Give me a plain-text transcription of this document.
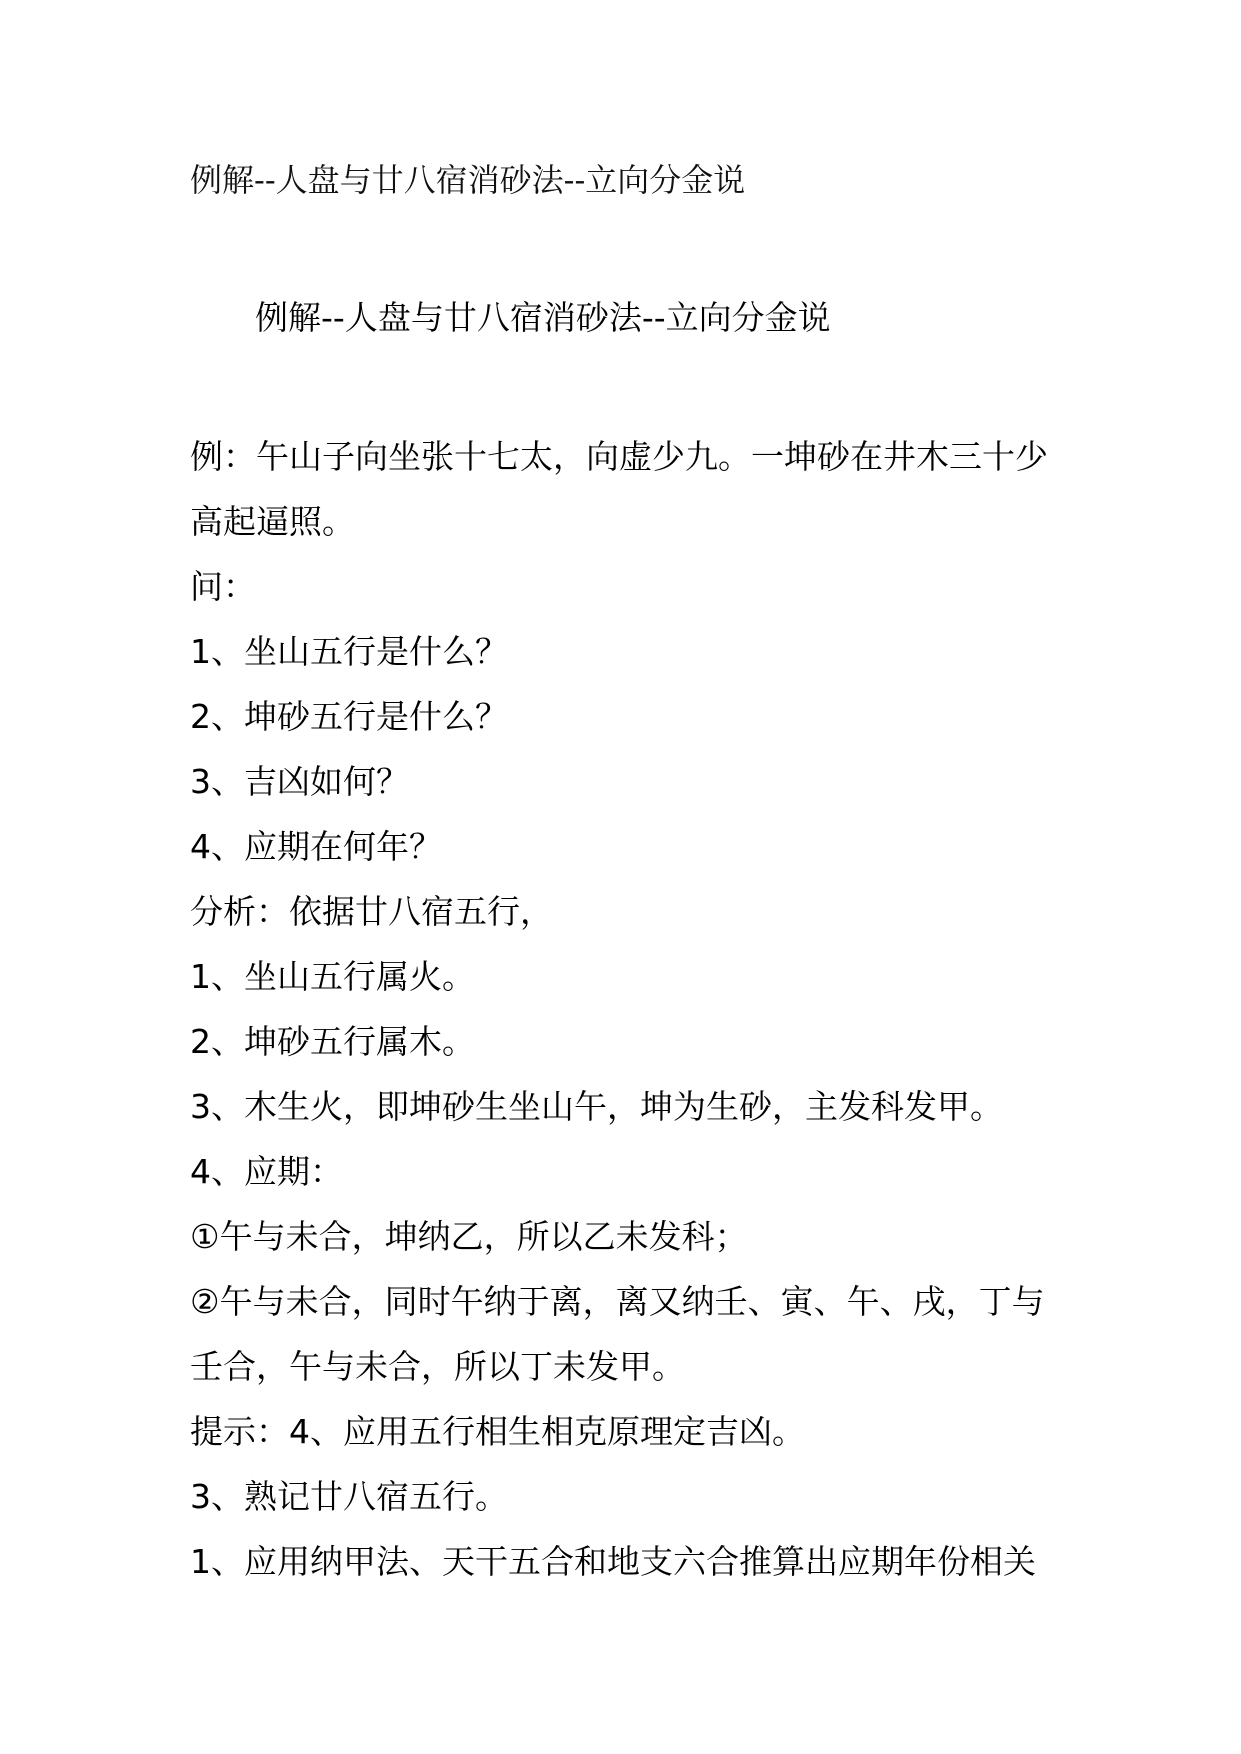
例解--人盘与廿八宿消砂法--立向分金说
例解--人盘与廿八宿消砂法--立向分金说
例：午山子向坐张十七太，向虚少九。一坤砂在井木三十少
高起逼照。
问：
1、坐山五行是什么？
2、坤砂五行是什么？
3、吉凶如何？
4、应期在何年？
分析：依据廿八宿五行，
1、坐山五行属火。
2、坤砂五行属木。
3、木生火，即坤砂生坐山午，坤为生砂，主发科发甲。
4、应期：
①午与未合，坤纳乙，所以乙未发科；
②午与未合，同时午纳于离，离又纳壬、寅、午、戌，丁与
壬合，午与未合，所以丁未发甲。
提示：4、应用五行相生相克原理定吉凶。
3、熟记廿八宿五行。
1、应用纳甲法、天干五合和地支六合推算出应期年份相关
